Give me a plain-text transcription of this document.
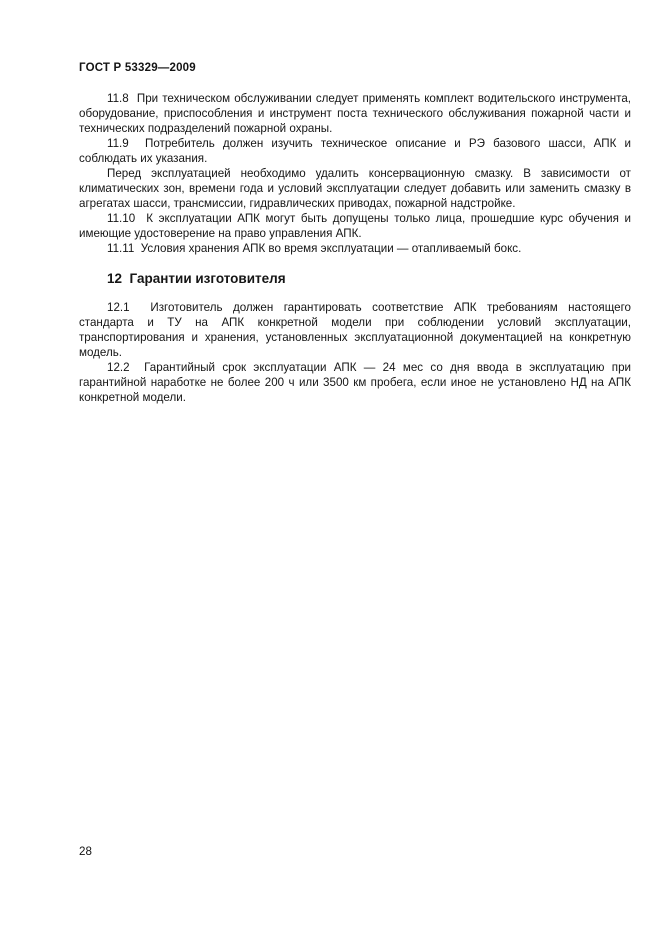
ГОСТ Р 53329—2009

11.8  При техническом обслуживании следует применять комплект водительского инструмента, оборудование, приспособления и инструмент поста технического обслуживания пожарной части и технических подразделений пожарной охраны.

11.9  Потребитель должен изучить техническое описание и РЭ базового шасси, АПК и соблюдать их указания.

Перед эксплуатацией необходимо удалить консервационную смазку. В зависимости от климатических зон, времени года и условий эксплуатации следует добавить или заменить смазку в агрегатах шасси, трансмиссии, гидравлических приводах, пожарной надстройке.

11.10  К эксплуатации АПК могут быть допущены только лица, прошедшие курс обучения и имеющие удостоверение на право управления АПК.

11.11  Условия хранения АПК во время эксплуатации — отапливаемый бокс.

12  Гарантии изготовителя

12.1  Изготовитель должен гарантировать соответствие АПК требованиям настоящего стандарта и ТУ на АПК конкретной модели при соблюдении условий эксплуатации, транспортирования и хранения, установленных эксплуатационной документацией на конкретную модель.

12.2  Гарантийный срок эксплуатации АПК — 24 мес со дня ввода в эксплуатацию при гарантийной наработке не более 200 ч или 3500 км пробега, если иное не установлено НД на АПК конкретной модели.

28
